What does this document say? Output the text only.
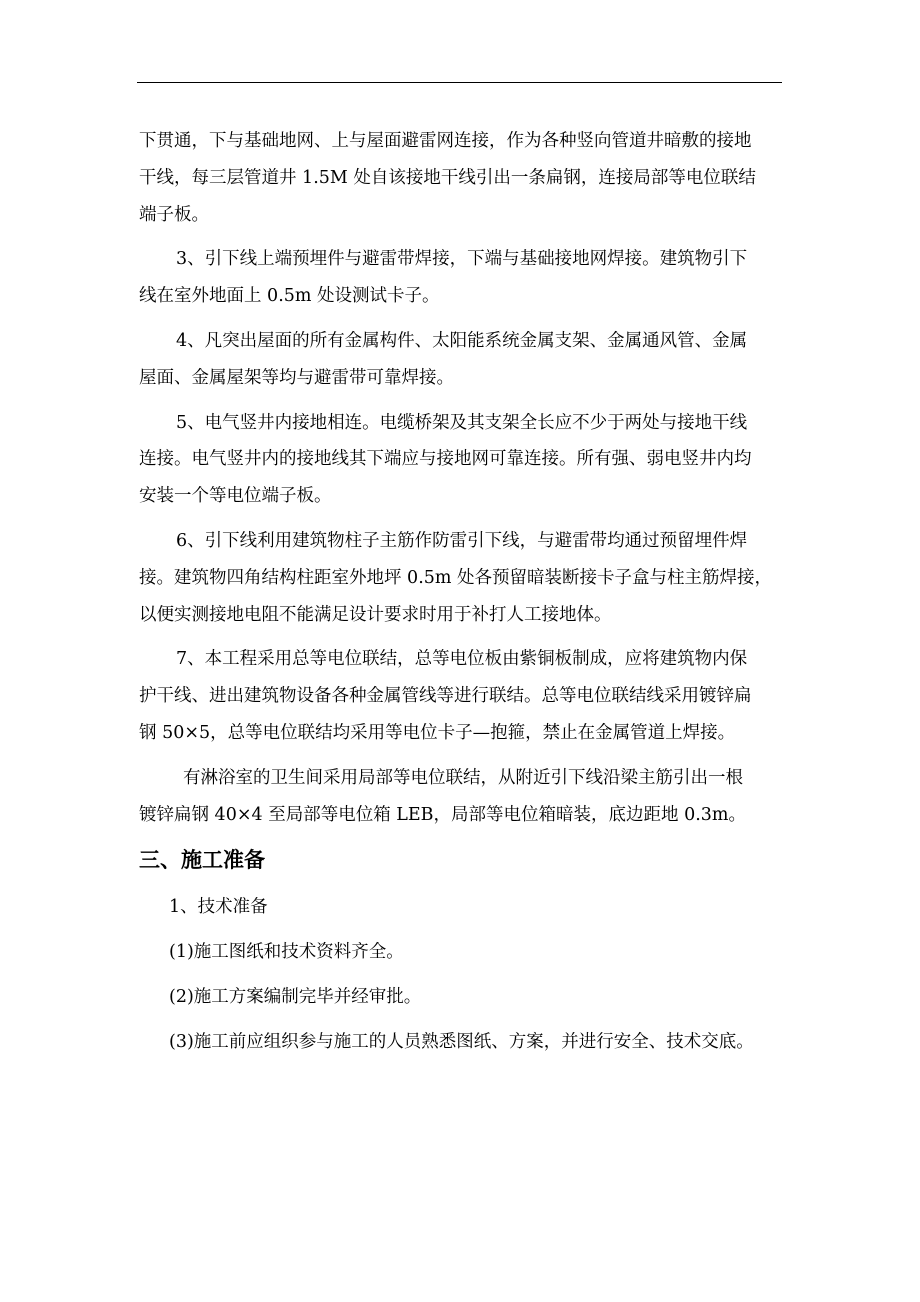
下贯通，下与基础地网、上与屋面避雷网连接，作为各种竖向管道井暗敷的接地
干线，每三层管道井 1.5M 处自该接地干线引出一条扁钢，连接局部等电位联结
端子板。
3、引下线上端预埋件与避雷带焊接，下端与基础接地网焊接。建筑物引下
线在室外地面上 0.5m 处设测试卡子。
4、凡突出屋面的所有金属构件、太阳能系统金属支架、金属通风管、金属
屋面、金属屋架等均与避雷带可靠焊接。
5、电气竖井内接地相连。电缆桥架及其支架全长应不少于两处与接地干线
连接。电气竖井内的接地线其下端应与接地网可靠连接。所有强、弱电竖井内均
安装一个等电位端子板。
6、引下线利用建筑物柱子主筋作防雷引下线，与避雷带均通过预留埋件焊
接。建筑物四角结构柱距室外地坪 0.5m 处各预留暗装断接卡子盒与柱主筋焊接，
以便实测接地电阻不能满足设计要求时用于补打人工接地体。
7、本工程采用总等电位联结，总等电位板由紫铜板制成，应将建筑物内保
护干线、进出建筑物设备各种金属管线等进行联结。总等电位联结线采用镀锌扁
钢 50×5，总等电位联结均采用等电位卡子—抱箍，禁止在金属管道上焊接。
有淋浴室的卫生间采用局部等电位联结，从附近引下线沿梁主筋引出一根
镀锌扁钢 40×4 至局部等电位箱 LEB，局部等电位箱暗装，底边距地 0.3m。
三、施工准备
1、技术准备
(1)施工图纸和技术资料齐全。
(2)施工方案编制完毕并经审批。
(3)施工前应组织参与施工的人员熟悉图纸、方案，并进行安全、技术交底。
